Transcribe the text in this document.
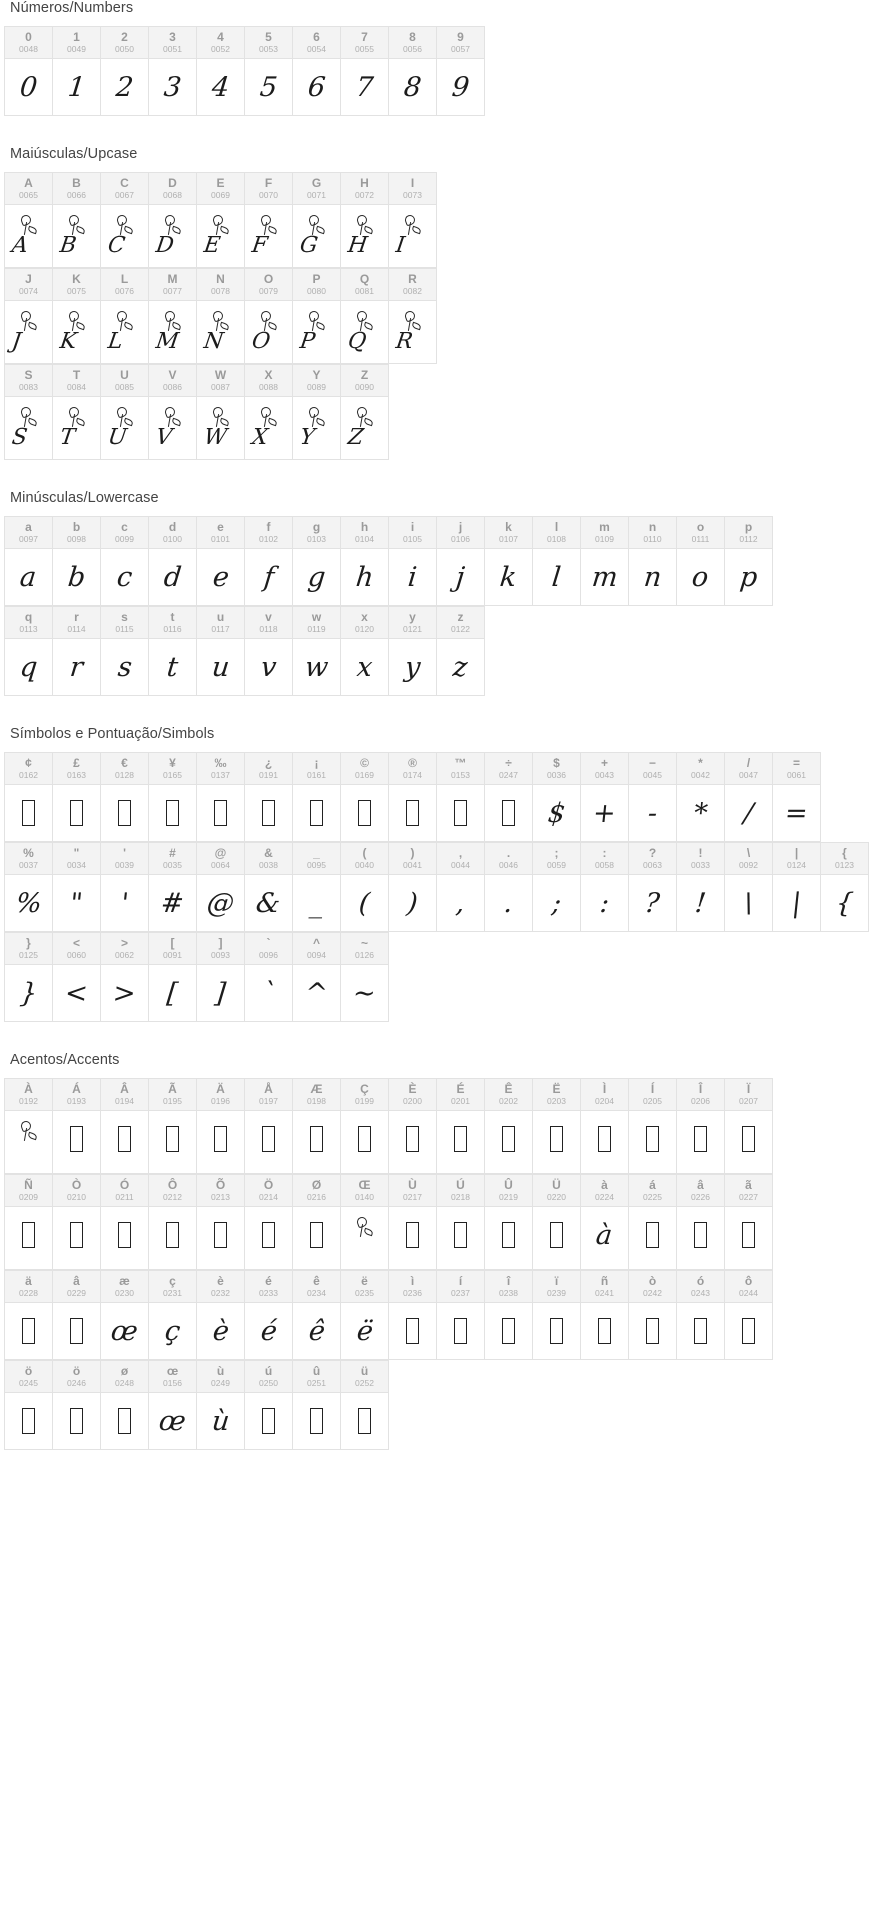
Números/Numbers
0
0048
0
1
0049
1
2
0050
2
3
0051
3
4
0052
4
5
0053
5
6
0054
6
7
0055
7
8
0056
8
9
0057
9
Maiúsculas/Upcase
A
0065
A
B
0066
B
C
0067
C
D
0068
D
E
0069
E
F
0070
F
G
0071
G
H
0072
H
I
0073
I
J
0074
J
K
0075
K
L
0076
L
M
0077
M
N
0078
N
O
0079
O
P
0080
P
Q
0081
Q
R
0082
R
S
0083
S
T
0084
T
U
0085
U
V
0086
V
W
0087
W
X
0088
X
Y
0089
Y
Z
0090
Z
Minúsculas/Lowercase
a
0097
a
b
0098
b
c
0099
c
d
0100
d
e
0101
e
f
0102
f
g
0103
g
h
0104
h
i
0105
i
j
0106
j
k
0107
k
l
0108
l
m
0109
m
n
0110
n
o
0111
o
p
0112
p
q
0113
q
r
0114
r
s
0115
s
t
0116
t
u
0117
u
v
0118
v
w
0119
w
x
0120
x
y
0121
y
z
0122
z
Símbolos e Pontuação/Simbols
¢
0162
£
0163
€
0128
¥
0165
‰
0137
¿
0191
¡
0161
©
0169
®
0174
™
0153
÷
0247
$
0036
$
+
0043
+
−
0045
-
*
0042
*
/
0047
/
=
0061
=
%
0037
%
"
0034
"
'
0039
'
#
0035
#
@
0064
@
&
0038
&
_
0095
_
(
0040
(
)
0041
)
,
0044
,
.
0046
.
;
0059
;
:
0058
:
?
0063
?
!
0033
!
\
0092
\
|
0124
|
{
0123
{
}
0125
}
<
0060
<
>
0062
>
[
0091
[
]
0093
]
`
0096
`
^
0094
^
~
0126
~
Acentos/Accents
À
0192
Á
0193
Â
0194
Ã
0195
Ä
0196
Å
0197
Æ
0198
Ç
0199
È
0200
É
0201
Ê
0202
Ë
0203
Ì
0204
Í
0205
Î
0206
Ï
0207
Ñ
0209
Ò
0210
Ó
0211
Ô
0212
Õ
0213
Ö
0214
Ø
0216
Œ
0140
Ù
0217
Ú
0218
Û
0219
Ü
0220
à
0224
à
á
0225
â
0226
ã
0227
ä
0228
â
0229
æ
0230
œ
ç
0231
ç
è
0232
è
é
0233
é
ê
0234
ê
ë
0235
ë
ì
0236
í
0237
î
0238
ï
0239
ñ
0241
ò
0242
ó
0243
ô
0244
ö
0245
ö
0246
ø
0248
œ
0156
œ
ù
0249
ù
ú
0250
û
0251
ü
0252
